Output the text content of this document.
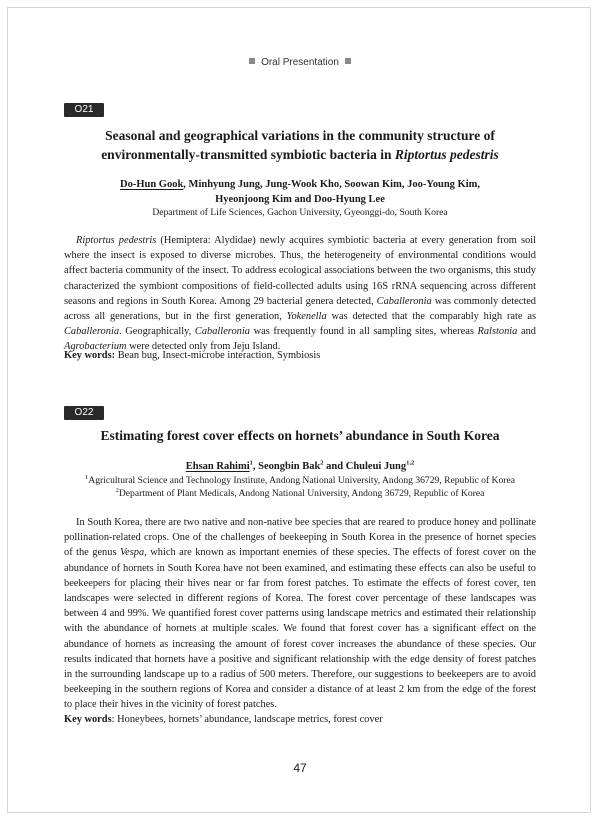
Oral Presentation
O21
Seasonal and geographical variations in the community structure of
environmentally-transmitted symbiotic bacteria in Riptortus pedestris
Do-Hun Gook, Minhyung Jung, Jung-Wook Kho, Soowan Kim, Joo-Young Kim,
Hyeonjoong Kim and Doo-Hyung Lee
Department of Life Sciences, Gachon University, Gyeonggi-do, South Korea

Riptortus pedestris (Hemiptera: Alydidae) newly acquires symbiotic bacteria at every generation from soil where the insect is exposed to diverse microbes. Thus, the heterogeneity of environmental conditions would affect bacteria community of the insect. To address ecological associations between the two organisms, this study characterized the symbiont compositions of field-collected adults using 16S rRNA sequencing across different seasons and regions in South Korea. Among 29 bacterial genera detected, Caballeronia was commonly detected across all generations, but in the first generation, Yokenella was detected that the comparably high rate as Caballeronia. Geographically, Caballeronia was frequently found in all sampling sites, whereas Ralstonia and Agrobacterium were detected only from Jeju Island.

Key words: Bean bug, Insect-microbe interaction, Symbiosis
O22
Estimating forest cover effects on hornets’ abundance in South Korea
Ehsan Rahimi$^1$, Seongbin Bak$^2$ and Chuleui Jung$^{1,2}$
$^1$Agricultural Science and Technology Institute, Andong National University, Andong 36729, Republic of Korea
$^2$Department of Plant Medicals, Andong National University, Andong 36729, Republic of Korea

In South Korea, there are two native and non-native bee species that are reared to produce honey and pollinate pollination-related crops. One of the challenges of beekeeping in South Korea in the presence of hornet species of the genus Vespa, which are known as important enemies of these species. The effects of forest cover on the abundance of hornets in South Korea have not been examined, and estimating these effects can also be useful to beekeepers for placing their hives near or far from forest patches. To estimate the effects of forest cover, ten landscapes were selected in different regions of Korea. The forest cover percentage of these landscapes was between 4 and 99%. We quantified forest cover patterns using landscape metrics and estimated their relationship with the abundance of hornets at multiple scales. We found that forest cover has a significant effect on the abundance of hornets as increasing the amount of forest cover increases the abundance of these species. Our results indicated that hornets have a positive and significant relationship with the edge density of forest patches in the surrounding landscape up to a radius of 500 meters. Therefore, our suggestions to beekeepers are to avoid beekeeping in the southern regions of Korea and consider a distance of at least 2 km from the edge of the forest to place their hives in the vicinity of forest patches.

Key words: Honeybees, hornets’ abundance, landscape metrics, forest cover
47
